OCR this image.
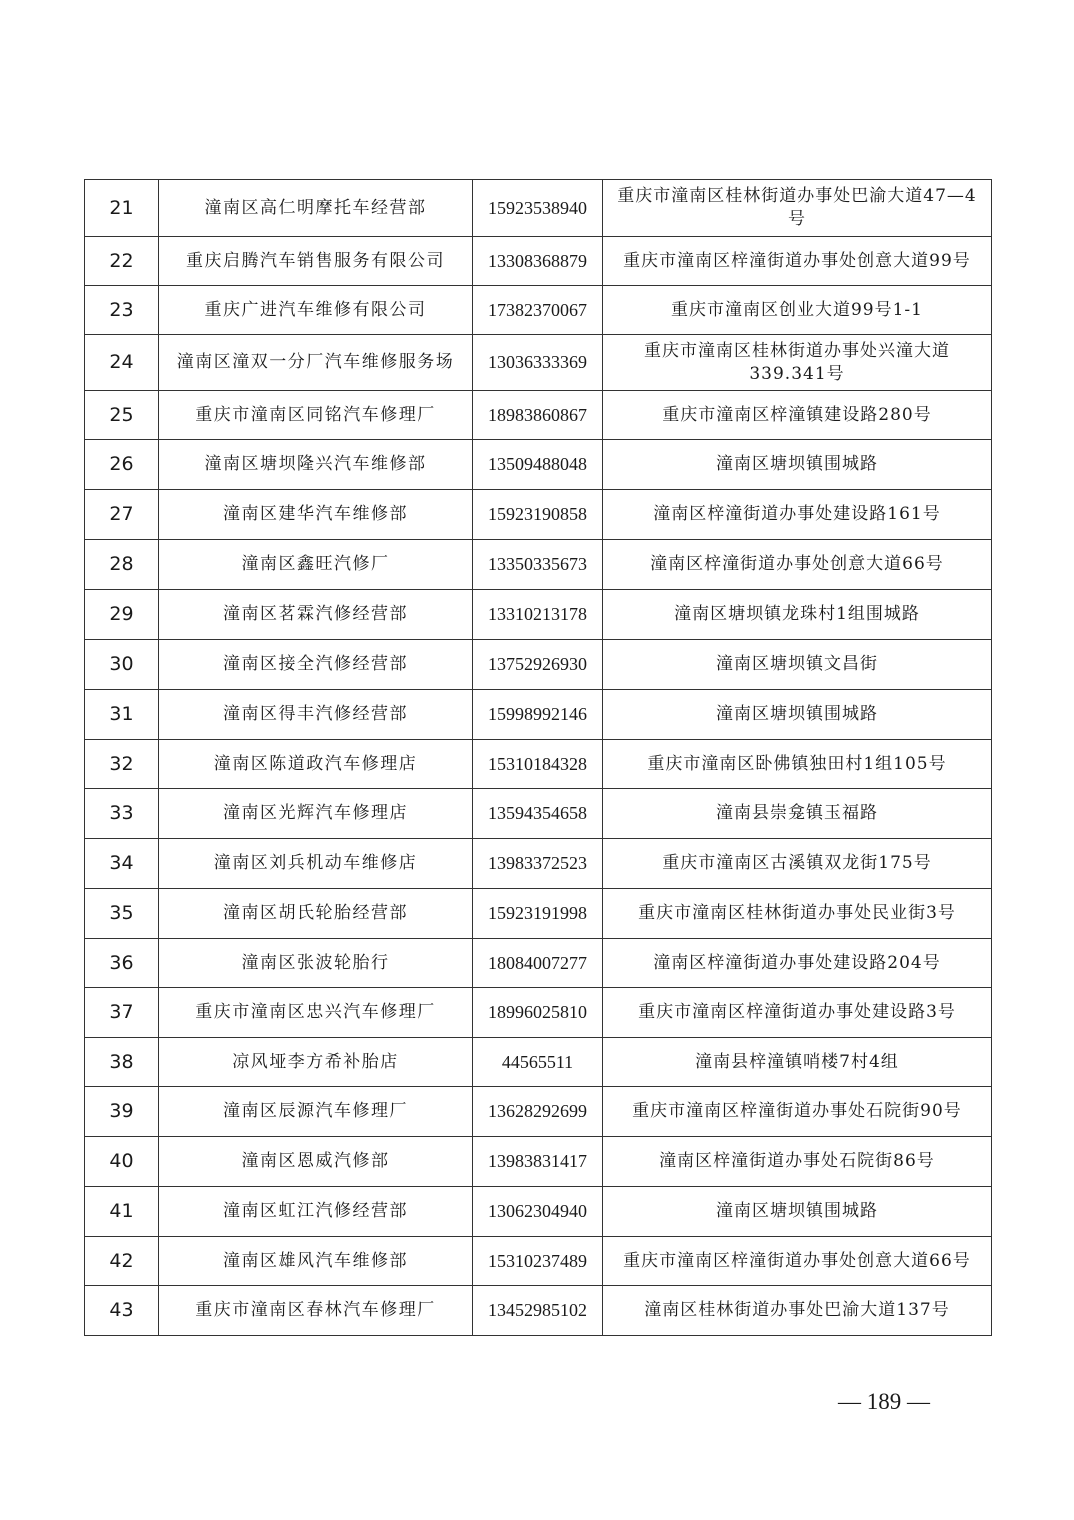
21	潼南区高仁明摩托车经营部	15923538940	重庆市潼南区桂林街道办事处巴渝大道47—4号
22	重庆启腾汽车销售服务有限公司	13308368879	重庆市潼南区梓潼街道办事处创意大道99号
23	重庆广进汽车维修有限公司	17382370067	重庆市潼南区创业大道99号1-1
24	潼南区潼双一分厂汽车维修服务场	13036333369	重庆市潼南区桂林街道办事处兴潼大道339.341号
25	重庆市潼南区同铭汽车修理厂	18983860867	重庆市潼南区梓潼镇建设路280号
26	潼南区塘坝隆兴汽车维修部	13509488048	潼南区塘坝镇围城路
27	潼南区建华汽车维修部	15923190858	潼南区梓潼街道办事处建设路161号
28	潼南区鑫旺汽修厂	13350335673	潼南区梓潼街道办事处创意大道66号
29	潼南区茗霖汽修经营部	13310213178	潼南区塘坝镇龙珠村1组围城路
30	潼南区接全汽修经营部	13752926930	潼南区塘坝镇文昌街
31	潼南区得丰汽修经营部	15998992146	潼南区塘坝镇围城路
32	潼南区陈道政汽车修理店	15310184328	重庆市潼南区卧佛镇独田村1组105号
33	潼南区光辉汽车修理店	13594354658	潼南县崇龛镇玉福路
34	潼南区刘兵机动车维修店	13983372523	重庆市潼南区古溪镇双龙街175号
35	潼南区胡氏轮胎经营部	15923191998	重庆市潼南区桂林街道办事处民业街3号
36	潼南区张波轮胎行	18084007277	潼南区梓潼街道办事处建设路204号
37	重庆市潼南区忠兴汽车修理厂	18996025810	重庆市潼南区梓潼街道办事处建设路3号
38	凉风垭李方希补胎店	44565511	潼南县梓潼镇哨楼7村4组
39	潼南区辰源汽车修理厂	13628292699	重庆市潼南区梓潼街道办事处石院街90号
40	潼南区恩威汽修部	13983831417	潼南区梓潼街道办事处石院街86号
41	潼南区虹江汽修经营部	13062304940	潼南区塘坝镇围城路
42	潼南区雄风汽车维修部	15310237489	重庆市潼南区梓潼街道办事处创意大道66号
43	重庆市潼南区春林汽车修理厂	13452985102	潼南区桂林街道办事处巴渝大道137号
— 189 —
